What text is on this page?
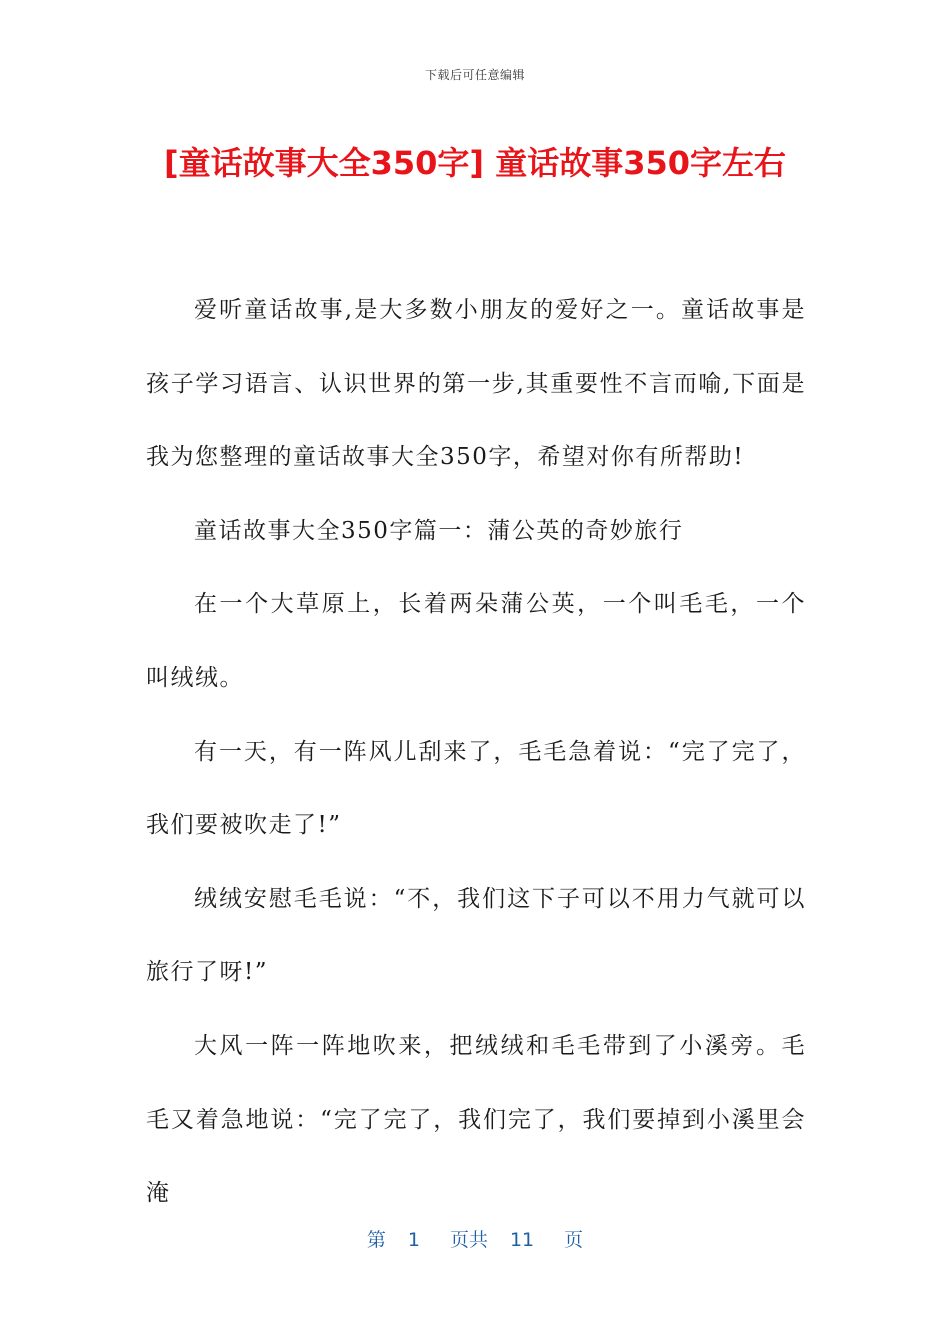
下载后可任意编辑
[童话故事大全350字] 童话故事350字左右

爱听童话故事,是大多数小朋友的爱好之一。童话故事是孩子学习语言、认识世界的第一步,其重要性不言而喻,下面是我为您整理的童话故事大全350字，希望对你有所帮助!

童话故事大全350字篇一：蒲公英的奇妙旅行

在一个大草原上，长着两朵蒲公英，一个叫毛毛，一个叫绒绒。

有一天，有一阵风儿刮来了，毛毛急着说：“完了完了，我们要被吹走了!”

绒绒安慰毛毛说：“不，我们这下子可以不用力气就可以旅行了呀!”

大风一阵一阵地吹来，把绒绒和毛毛带到了小溪旁。毛毛又着急地说：“完了完了，我们完了，我们要掉到小溪里会淹

第 1 页共 11 页
